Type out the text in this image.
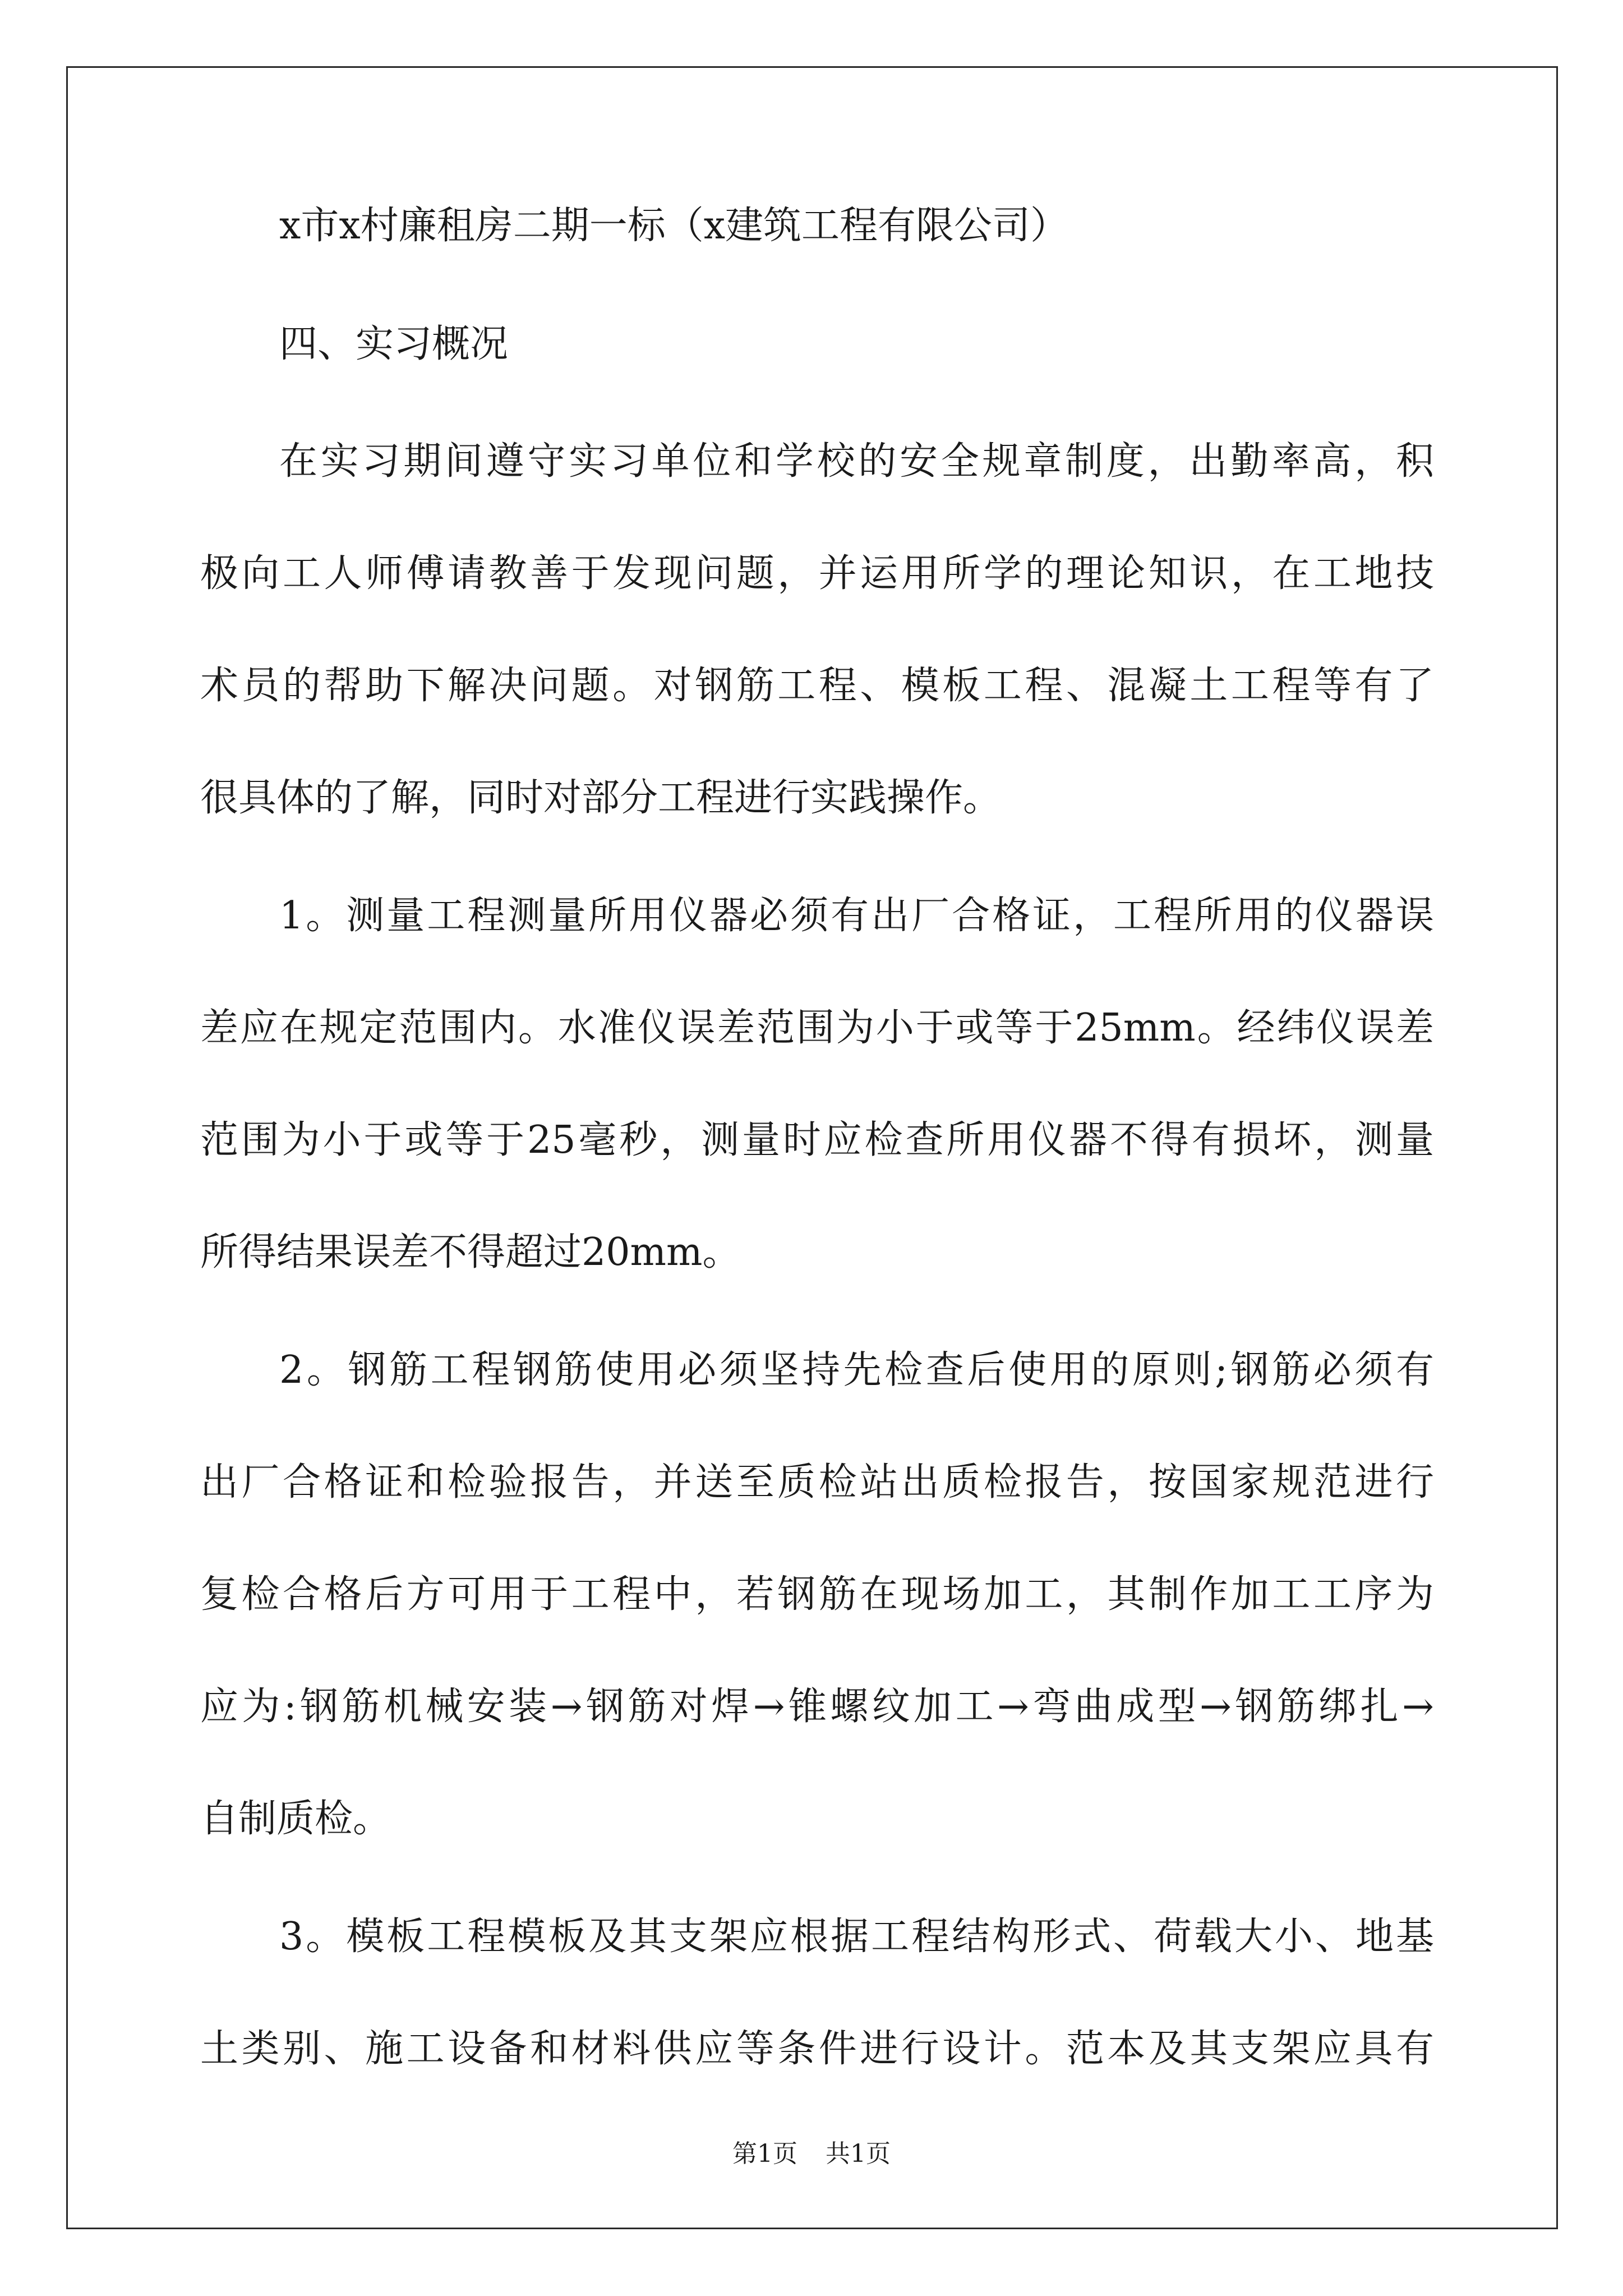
x市x村廉租房二期一标（x建筑工程有限公司）

四、实习概况

在实习期间遵守实习单位和学校的安全规章制度，出勤率高，积

极向工人师傅请教善于发现问题，并运用所学的理论知识，在工地技

术员的帮助下解决问题。对钢筋工程、模板工程、混凝土工程等有了

很具体的了解，同时对部分工程进行实践操作。

1。测量工程测量所用仪器必须有出厂合格证，工程所用的仪器误

差应在规定范围内。水准仪误差范围为小于或等于25mm。经纬仪误差

范围为小于或等于25毫秒，测量时应检查所用仪器不得有损坏，测量

所得结果误差不得超过20mm。

2。钢筋工程钢筋使用必须坚持先检查后使用的原则;钢筋必须有

出厂合格证和检验报告，并送至质检站出质检报告，按国家规范进行

复检合格后方可用于工程中，若钢筋在现场加工，其制作加工工序为

应为:钢筋机械安装→钢筋对焊→锥螺纹加工→弯曲成型→钢筋绑扎→

自制质检。

3。模板工程模板及其支架应根据工程结构形式、荷载大小、地基

土类别、施工设备和材料供应等条件进行设计。范本及其支架应具有

第1页 共1页
